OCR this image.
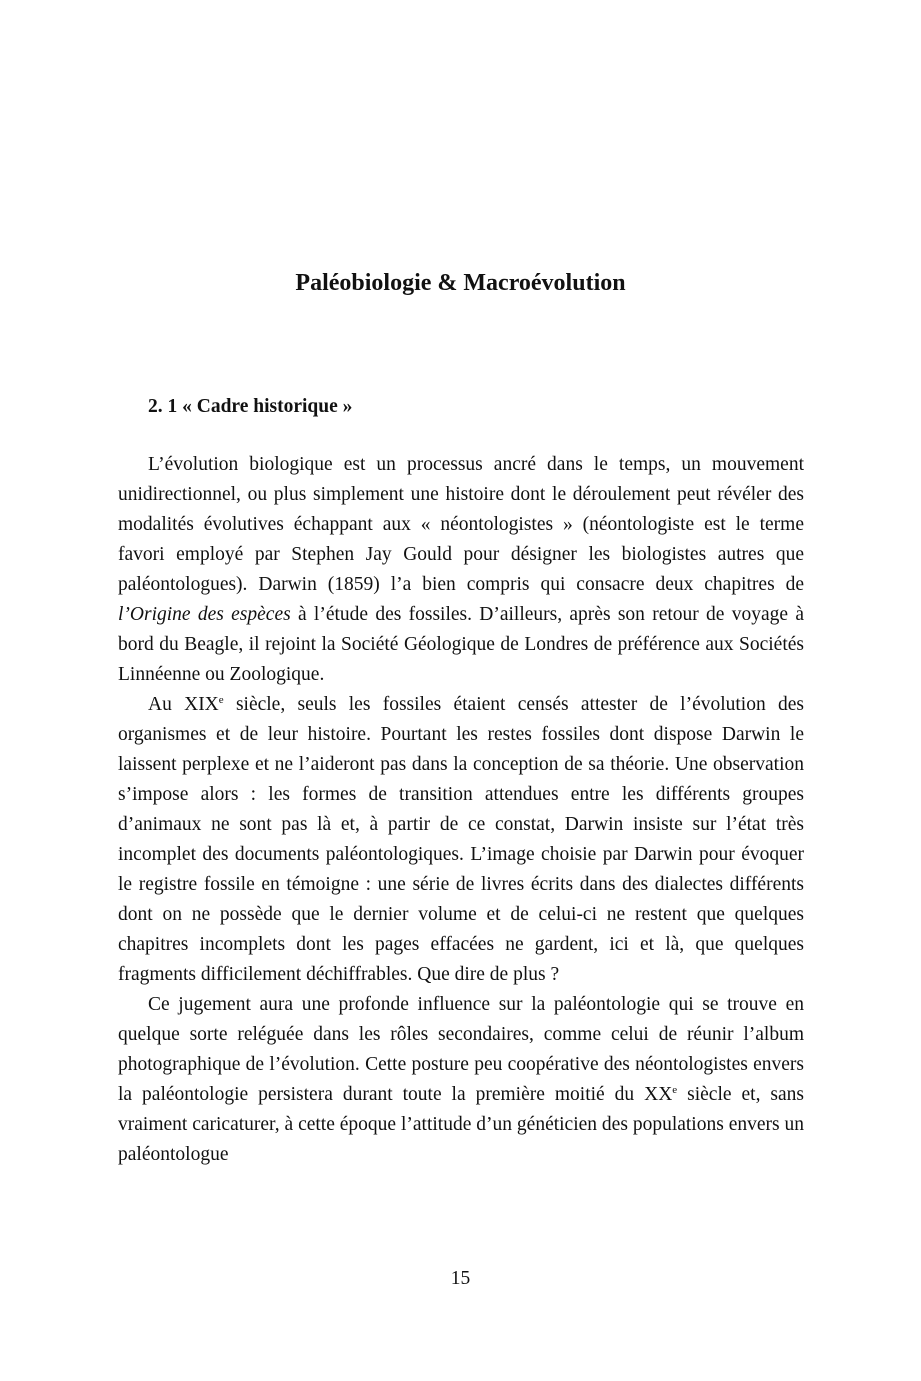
Paléobiologie & Macroévolution
2. 1 « Cadre historique »

L’évolution biologique est un processus ancré dans le temps, un mouvement unidirectionnel, ou plus simplement une histoire dont le déroulement peut révéler des modalités évolutives échappant aux « néontologistes » (néontologiste est le terme favori employé par Stephen Jay Gould pour désigner les biologistes autres que paléontologues). Darwin (1859) l’a bien compris qui consacre deux chapitres de l’Origine des espèces à l’étude des fossiles. D’ailleurs, après son retour de voyage à bord du Beagle, il rejoint la Société Géologique de Londres de préférence aux Sociétés Linnéenne ou Zoologique.

Au XIXe siècle, seuls les fossiles étaient censés attester de l’évolution des organismes et de leur histoire. Pourtant les restes fossiles dont dispose Darwin le laissent perplexe et ne l’aideront pas dans la conception de sa théorie. Une observation s’impose alors : les formes de transition attendues entre les différents groupes d’animaux ne sont pas là et, à partir de ce constat, Darwin insiste sur l’état très incomplet des documents paléontologiques. L’image choisie par Darwin pour évoquer le registre fossile en témoigne : une série de livres écrits dans des dialectes différents dont on ne possède que le dernier volume et de celui-ci ne restent que quelques chapitres incomplets dont les pages effacées ne gardent, ici et là, que quelques fragments difficilement déchiffrables. Que dire de plus ?

Ce jugement aura une profonde influence sur la paléontologie qui se trouve en quelque sorte reléguée dans les rôles secondaires, comme celui de réunir l’album photographique de l’évolution. Cette posture peu coopérative des néontologistes envers la paléontologie persistera durant toute la première moitié du XXe siècle et, sans vraiment caricaturer, à cette époque l’attitude d’un généticien des populations envers un paléontologue

15
